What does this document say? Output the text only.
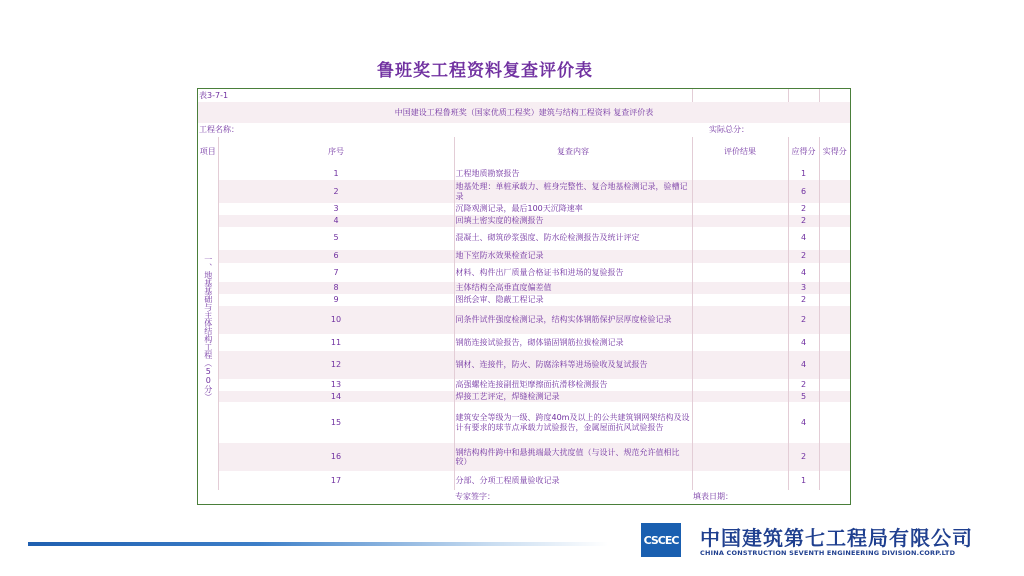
鲁班奖工程资料复查评价表
表3-7-1			
中国建设工程鲁班奖（国家优质工程奖）建筑与结构工程资料 复查评价表
工程名称：	实际总分：
项目	序号	复查内容	评价结果	应得分	实得分
一、地基基础与主体结构工程（50分）	1	工程地质勘察报告		1	
2	地基处理：单桩承载力、桩身完整性、复合地基检测记录，验槽记录		6	
3	沉降观测记录，最后100天沉降速率		2	
4	回填土密实度的检测报告		2	
5	混凝土、砌筑砂浆强度、防水砼检测报告及统计评定		4	
6	地下室防水效果检查记录		2	
7	材料、构件出厂质量合格证书和进场的复验报告		4	
8	主体结构全高垂直度偏差值		3	
9	图纸会审、隐蔽工程记录		2	
10	同条件试件强度检测记录，结构实体钢筋保护层厚度检验记录		2	
11	钢筋连接试验报告，砌体锚固钢筋拉拔检测记录		4	
12	钢材、连接件，防火、防腐涂料等进场验收及复试报告		4	
13	高强螺栓连接副扭矩摩擦面抗滑移检测报告		2	
14	焊接工艺评定，焊缝检测记录		5	
15	建筑安全等级为一级、跨度40m及以上的公共建筑钢网架结构及设计有要求的球节点承载力试验报告，金属屋面抗风试验报告		4	
16	钢结构构件跨中和悬挑端最大扰度值（与设计、规范允许值相比较）		2	
17	分部、分项工程质量验收记录		1	
		专家签字：	填表日期：
CSCEC 中国建筑第七工程局有限公司
CHINA CONSTRUCTION SEVENTH ENGINEERING DIVISION.CORP.LTD
